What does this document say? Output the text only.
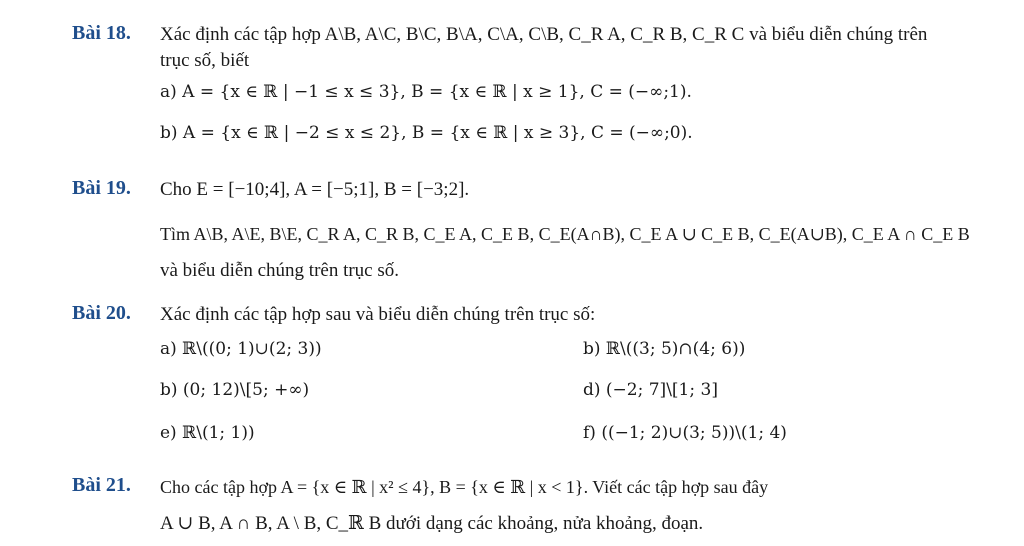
Bài 18. Xác định các tập hợp A\B, A\C, B\C, B\A, C\A, C\B, C_R A, C_R B, C_R C và biểu diễn chúng trên
trục số, biết
a) A = {x ∈ ℝ | −1 ≤ x ≤ 3}, B = {x ∈ ℝ | x ≥ 1}, C = (−∞;1).
b) A = {x ∈ ℝ | −2 ≤ x ≤ 2}, B = {x ∈ ℝ | x ≥ 3}, C = (−∞;0).
Bài 19. Cho E = [−10;4], A = [−5;1], B = [−3;2].
Tìm A\B, A\E, B\E, C_R A, C_R B, C_E A, C_E B, C_E(A∩B), C_E A ∪ C_E B, C_E(A∪B), C_E A ∩ C_E B
và biểu diễn chúng trên trục số.
Bài 20. Xác định các tập hợp sau và biểu diễn chúng trên trục số:
a) ℝ\((0; 1)∪(2; 3))	b) ℝ\((3; 5)∩(4; 6))
b) (0; 12)\[5; +∞)	d) (−2; 7]\[1; 3]
e) ℝ\(1; 1))	f) ((−1; 2)∪(3; 5))\(1; 4)
Bài 21. Cho các tập hợp A = {x ∈ ℝ | x² ≤ 4}, B = {x ∈ ℝ | x < 1}. Viết các tập hợp sau đây
A ∪ B, A ∩ B, A \ B, C_ℝ B dưới dạng các khoảng, nửa khoảng, đoạn.
